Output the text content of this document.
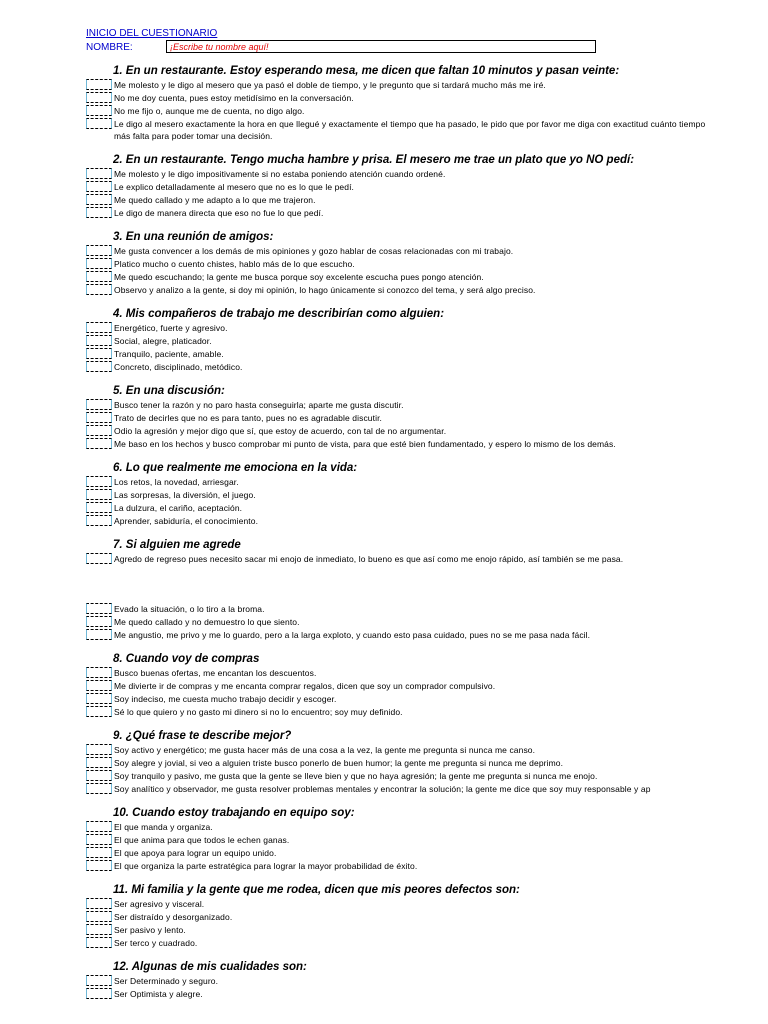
INICIO DEL CUESTIONARIO
NOMBRE:
¡Escribe tu nombre aquí!
1. En un restaurante. Estoy esperando mesa, me dicen que faltan 10 minutos y pasan veinte:
Me molesto y le digo al mesero que ya pasó el doble de tiempo, y le pregunto que si tardará mucho más me iré.
No me doy cuenta, pues estoy metidísimo en la conversación.
No me fijo o, aunque me de cuenta, no digo algo.
Le digo al mesero exactamente la hora en que llegué y exactamente el tiempo que ha pasado, le pido que por favor me diga con exactitud cuánto tiempo más falta para poder tomar una decisión.
2. En un restaurante. Tengo mucha hambre y prisa. El mesero me trae un plato que yo NO pedí:
Me molesto y le digo impositivamente si no estaba poniendo atención cuando ordené.
Le explico detalladamente al mesero que no es lo que le pedí.
Me quedo callado y me adapto a lo que me trajeron.
Le digo de manera directa que eso no fue lo que pedí.
3. En una reunión de amigos:
Me gusta convencer a los demás de mis opiniones y gozo hablar de cosas relacionadas con mi trabajo.
Platico mucho o cuento chistes, hablo más de lo que escucho.
Me quedo escuchando; la gente me busca porque soy excelente escucha pues pongo atención.
Observo y analizo a la gente, si doy mi opinión, lo hago únicamente si conozco del tema, y será algo preciso.
4. Mis compañeros de trabajo me describirían como alguien:
Energético, fuerte y agresivo.
Social, alegre, platicador.
Tranquilo, paciente, amable.
Concreto, disciplinado, metódico.
5. En una discusión:
Busco tener la razón y no paro hasta conseguirla; aparte me gusta discutir.
Trato de decirles que no es para tanto, pues no es agradable discutir.
Odio la agresión y mejor digo que sí, que estoy de acuerdo, con tal de no argumentar.
Me baso en los hechos y busco comprobar mi punto de vista, para que esté bien fundamentado, y espero lo mismo de los demás.
6. Lo que realmente me emociona en la vida:
Los retos, la novedad, arriesgar.
Las sorpresas, la diversión, el juego.
La dulzura, el cariño, aceptación.
Aprender, sabiduría, el conocimiento.
7. Si alguien me agrede
Agredo de regreso pues necesito sacar mi enojo de inmediato, lo bueno es que así como me enojo rápido, así también se me pasa.
Evado la situación, o lo tiro a la broma.
Me quedo callado y no demuestro lo que siento.
Me angustio, me privo y me lo guardo, pero a la larga exploto, y cuando esto pasa cuidado, pues no se me pasa nada fácil.
8. Cuando voy de compras
Busco buenas ofertas, me encantan los descuentos.
Me divierte ir de compras y me encanta comprar regalos, dicen que soy un comprador compulsivo.
Soy indeciso, me cuesta mucho trabajo decidir y escoger.
Sé lo que quiero y no gasto mi dinero si no lo encuentro; soy muy definido.
9. ¿Qué frase te describe mejor?
Soy activo y energético; me gusta hacer más de una cosa a la vez, la gente me pregunta si nunca me canso.
Soy alegre y jovial, si veo a alguien triste busco ponerlo de buen humor; la gente me pregunta si nunca me deprimo.
Soy tranquilo y pasivo, me gusta que la gente se lleve bien y que no haya agresión; la gente me pregunta si nunca me enojo.
Soy analítico y observador, me gusta resolver problemas mentales y encontrar la solución; la gente me dice que soy muy responsable y ap
10. Cuando estoy trabajando en equipo soy:
El que manda y organiza.
El que anima para que todos le echen ganas.
El que apoya para lograr un equipo unido.
El que organiza la parte estratégica para lograr la mayor probabilidad de éxito.
11. Mi familia y la gente que me rodea, dicen que mis peores defectos son:
Ser agresivo y visceral.
Ser distraído y desorganizado.
Ser pasivo y lento.
Ser terco y cuadrado.
12. Algunas de mis cualidades son:
Ser Determinado y seguro.
Ser Optimista y alegre.
